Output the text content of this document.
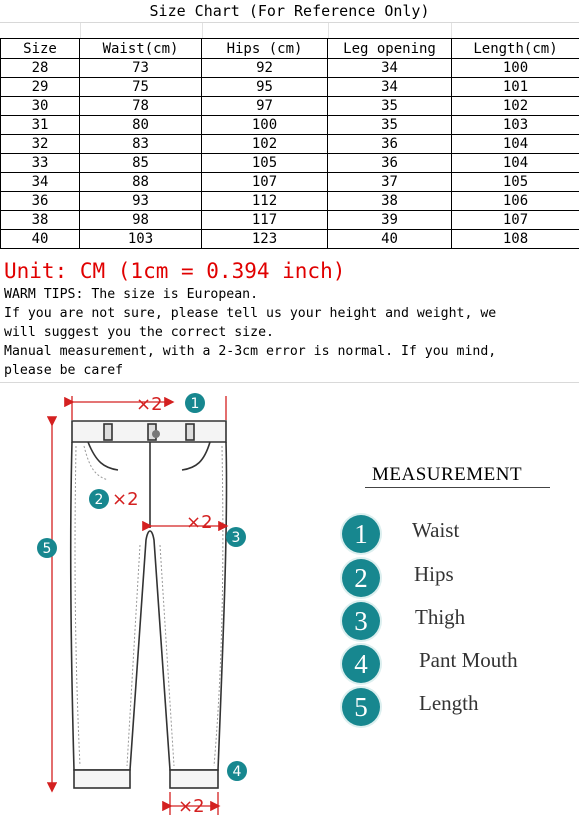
Size Chart (For Reference Only)
Size	Waist(cm)	Hips (cm)	Leg opening	Length(cm)
28	73	92	34	100
29	75	95	34	101
30	78	97	35	102
31	80	100	35	103
32	83	102	36	104
33	85	105	36	104
34	88	107	37	105
36	93	112	38	106
38	98	117	39	107
40	103	123	40	108
Unit: CM (1cm = 0.394 inch)
WARM TIPS: The size is European.
If you are not sure, please tell us your height and weight, we
will suggest you the correct size.
Manual measurement, with a 2-3cm error is normal. If you mind,
please be caref
×2
×2
×2
×2
1
2
3
4
5
MEASUREMENT
1	Waist
2	Hips
3	Thigh
4	Pant Mouth
5	Length
